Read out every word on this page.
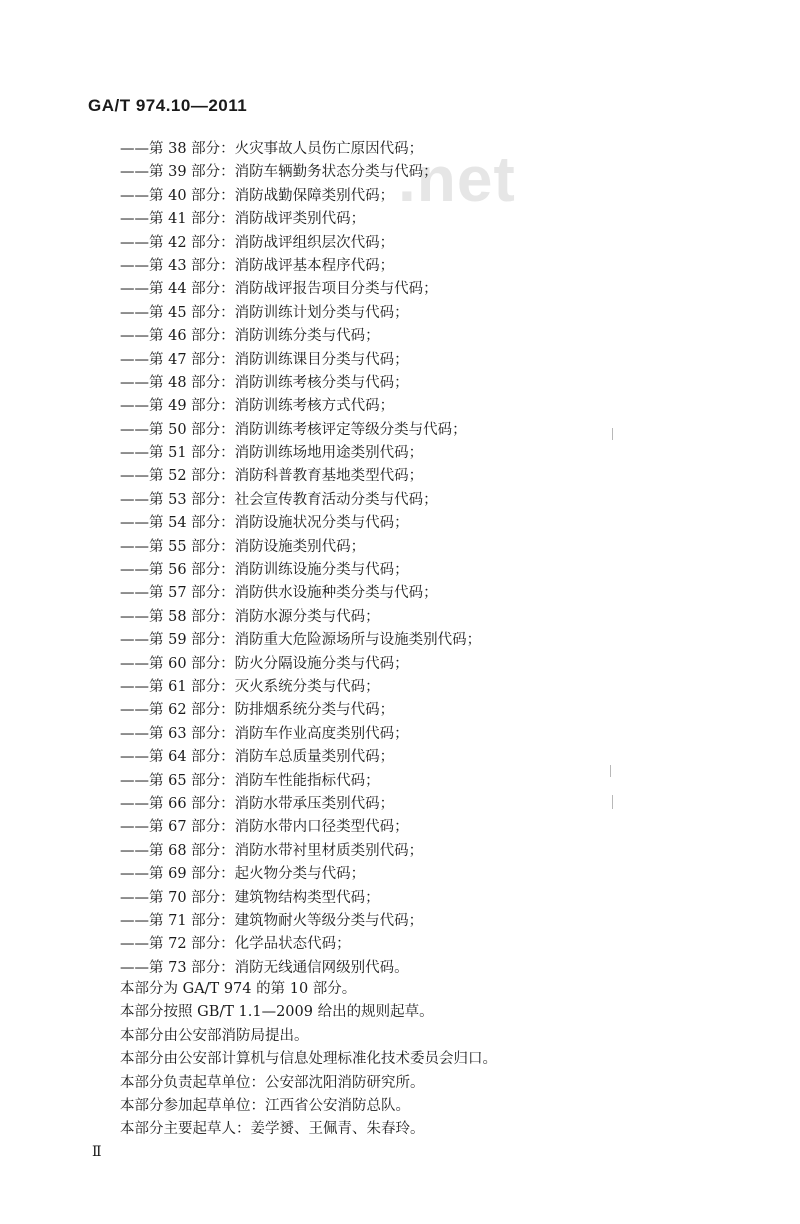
.net
GA/T 974.10—2011
——第 38 部分：火灾事故人员伤亡原因代码；
——第 39 部分：消防车辆勤务状态分类与代码；
——第 40 部分：消防战勤保障类别代码；
——第 41 部分：消防战评类别代码；
——第 42 部分：消防战评组织层次代码；
——第 43 部分：消防战评基本程序代码；
——第 44 部分：消防战评报告项目分类与代码；
——第 45 部分：消防训练计划分类与代码；
——第 46 部分：消防训练分类与代码；
——第 47 部分：消防训练课目分类与代码；
——第 48 部分：消防训练考核分类与代码；
——第 49 部分：消防训练考核方式代码；
——第 50 部分：消防训练考核评定等级分类与代码；
——第 51 部分：消防训练场地用途类别代码；
——第 52 部分：消防科普教育基地类型代码；
——第 53 部分：社会宣传教育活动分类与代码；
——第 54 部分：消防设施状况分类与代码；
——第 55 部分：消防设施类别代码；
——第 56 部分：消防训练设施分类与代码；
——第 57 部分：消防供水设施种类分类与代码；
——第 58 部分：消防水源分类与代码；
——第 59 部分：消防重大危险源场所与设施类别代码；
——第 60 部分：防火分隔设施分类与代码；
——第 61 部分：灭火系统分类与代码；
——第 62 部分：防排烟系统分类与代码；
——第 63 部分：消防车作业高度类别代码；
——第 64 部分：消防车总质量类别代码；
——第 65 部分：消防车性能指标代码；
——第 66 部分：消防水带承压类别代码；
——第 67 部分：消防水带内口径类型代码；
——第 68 部分：消防水带衬里材质类别代码；
——第 69 部分：起火物分类与代码；
——第 70 部分：建筑物结构类型代码；
——第 71 部分：建筑物耐火等级分类与代码；
——第 72 部分：化学品状态代码；
——第 73 部分：消防无线通信网级别代码。
本部分为 GA/T 974 的第 10 部分。
本部分按照 GB/T 1.1—2009 给出的规则起草。
本部分由公安部消防局提出。
本部分由公安部计算机与信息处理标准化技术委员会归口。
本部分负责起草单位：公安部沈阳消防研究所。
本部分参加起草单位：江西省公安消防总队。
本部分主要起草人：姜学赟、王佩青、朱春玲。
Ⅱ
